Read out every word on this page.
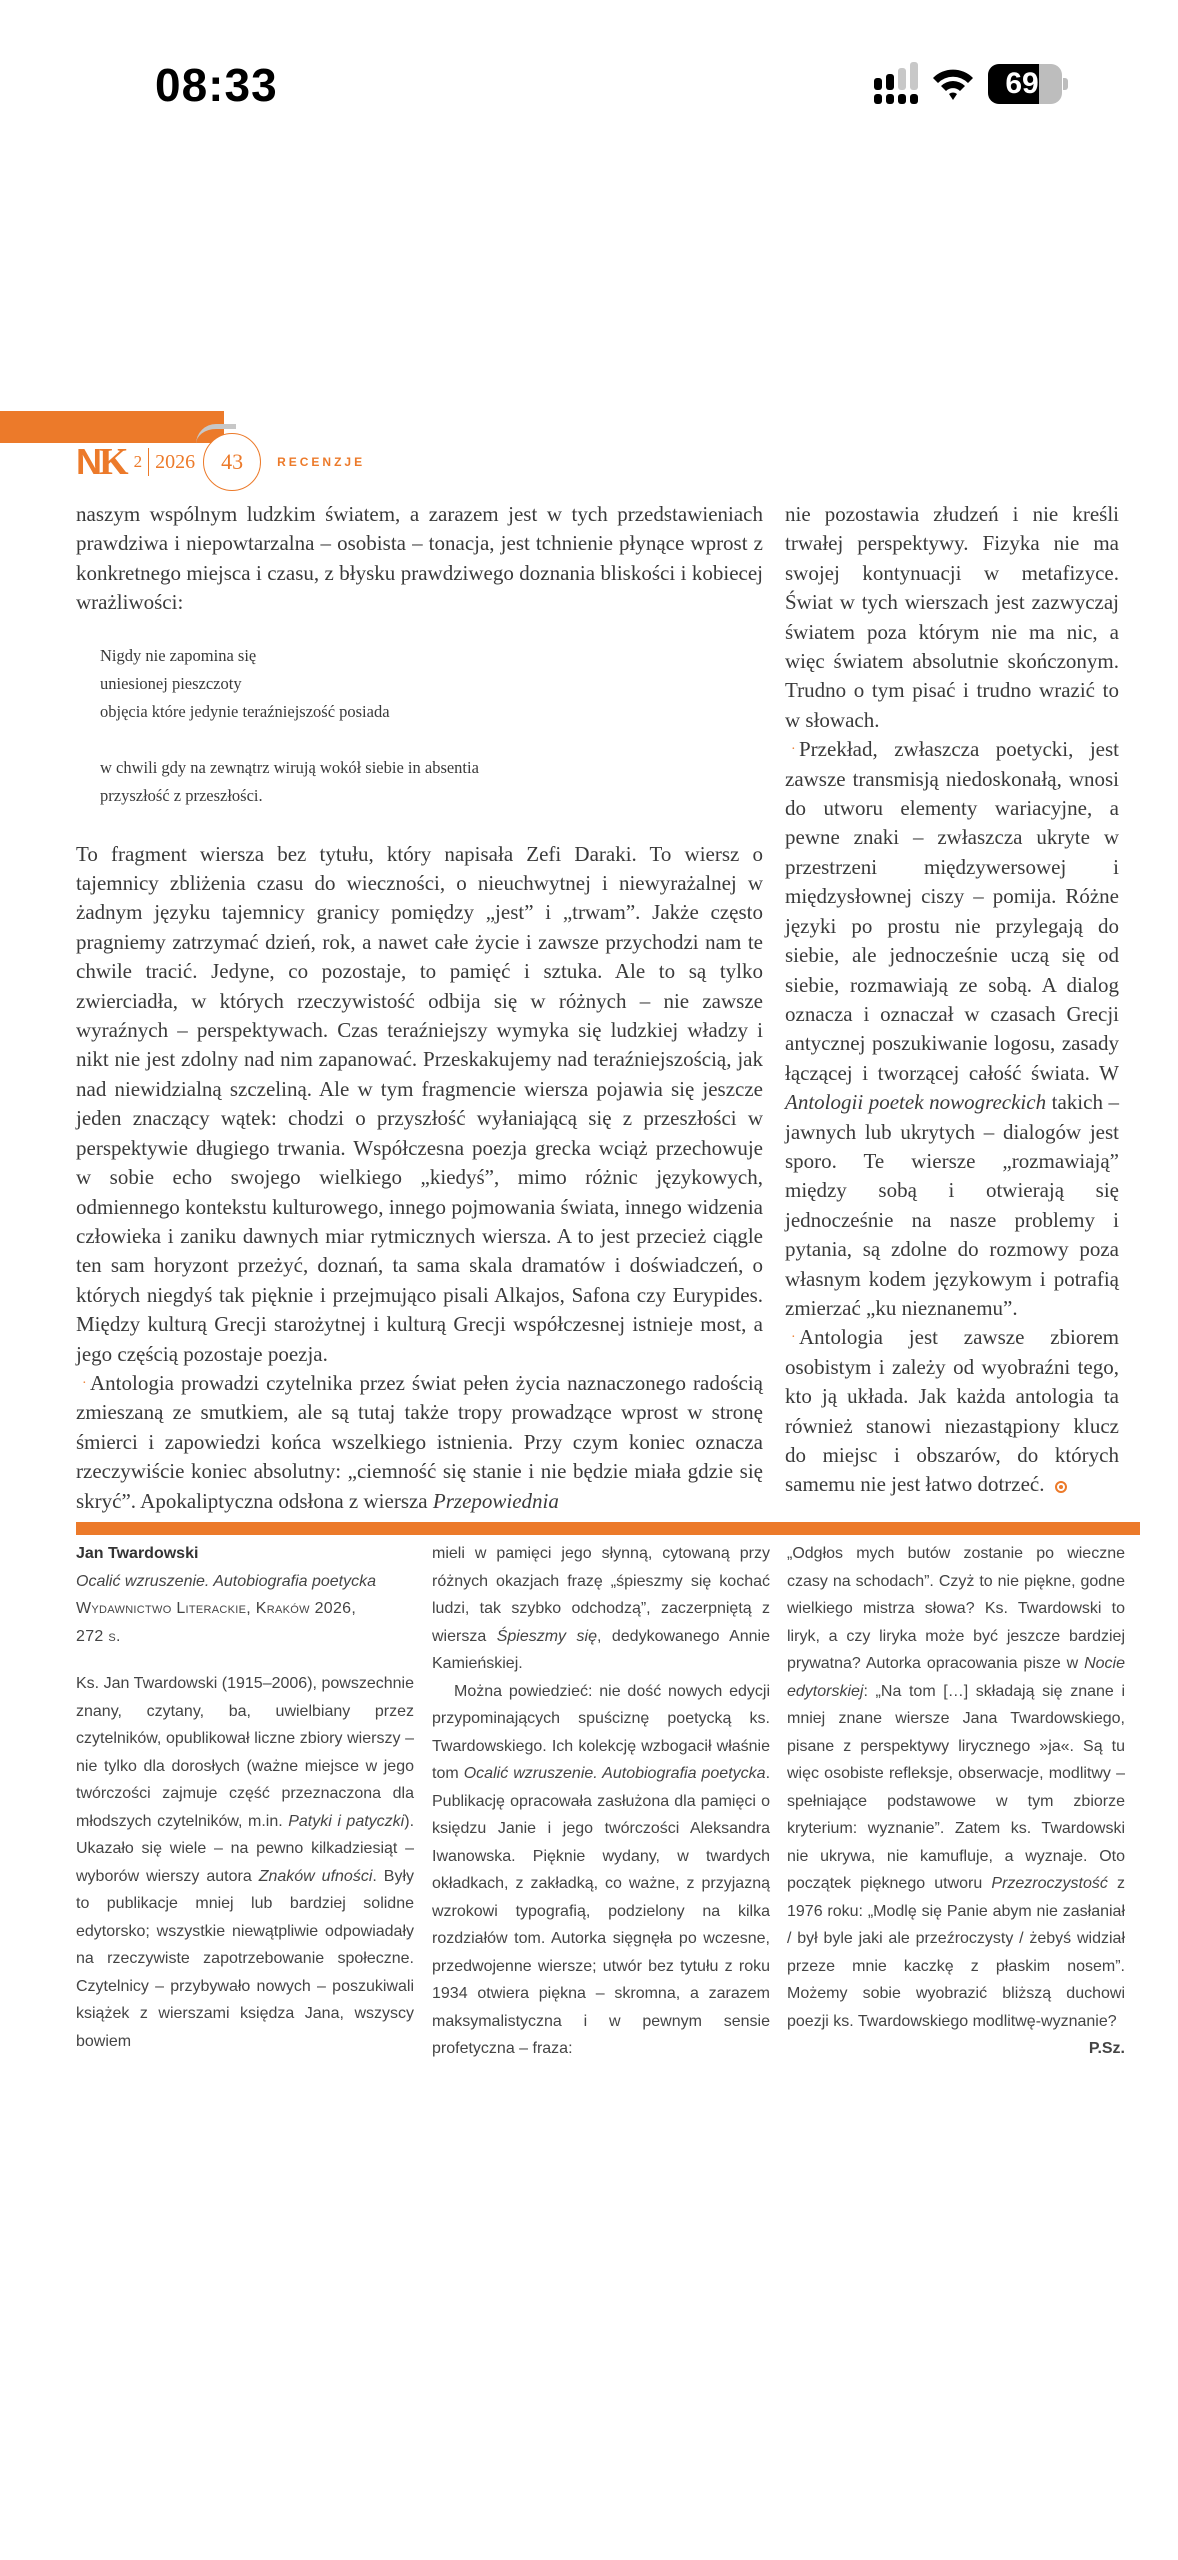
08:33	69
NK 2 2026	43	RECENZJE

naszym wspólnym ludzkim światem, a zarazem jest w tych przedstawieniach prawdziwa i niepowtarzalna – osobista – tonacja, jest tchnienie płynące wprost z konkretnego miejsca i czasu, z błysku prawdziwego doznania bliskości i kobiecej wrażliwości:

Nigdy nie zapomina się
uniesionej pieszczoty
objęcia które jedynie teraźniejszość posiada
w chwili gdy na zewnątrz wirują wokół siebie in absentia
przyszłość z przeszłości.

To fragment wiersza bez tytułu, który napisała Zefi Daraki. To wiersz o tajemnicy zbliżenia czasu do wieczności, o nieuchwytnej i niewyrażalnej w żadnym języku tajemnicy granicy pomiędzy „jest” i „trwam”. Jakże często pragniemy zatrzymać dzień, rok, a nawet całe życie i zawsze przychodzi nam te chwile tracić. Jedyne, co pozostaje, to pamięć i sztuka. Ale to są tylko zwierciadła, w których rzeczywistość odbija się w różnych – nie zawsze wyraźnych – perspektywach. Czas teraźniejszy wymyka się ludzkiej władzy i nikt nie jest zdolny nad nim zapanować. Przeskakujemy nad teraźniejszością, jak nad niewidzialną szczeliną. Ale w tym fragmencie wiersza pojawia się jeszcze jeden znaczący wątek: chodzi o przyszłość wyłaniającą się z przeszłości w perspektywie długiego trwania. Współczesna poezja grecka wciąż przechowuje w sobie echo swojego wielkiego „kiedyś”, mimo różnic językowych, odmiennego kontekstu kulturowego, innego pojmowania świata, innego widzenia człowieka i zaniku dawnych miar rytmicznych wiersza. A to jest przecież ciągle ten sam horyzont przeżyć, doznań, ta sama skala dramatów i doświadczeń, o których niegdyś tak pięknie i przejmująco pisali Alkajos, Safona czy Eurypides. Między kulturą Grecji starożytnej i kulturą Grecji współczesnej istnieje most, a jego częścią pozostaje poezja.

· Antologia prowadzi czytelnika przez świat pełen życia naznaczonego radością zmieszaną ze smutkiem, ale są tutaj także tropy prowadzące wprost w stronę śmierci i zapowiedzi końca wszelkiego istnienia. Przy czym koniec oznacza rzeczywiście koniec absolutny: „ciemność się stanie i nie będzie miała gdzie się skryć”. Apokaliptyczna odsłona z wiersza Przepowiednia

nie pozostawia złudzeń i nie kreśli trwałej perspektywy. Fizyka nie ma swojej kontynuacji w metafizyce. Świat w tych wierszach jest zazwyczaj światem poza którym nie ma nic, a więc światem absolutnie skończonym. Trudno o tym pisać i trudno wrazić to w słowach.

· Przekład, zwłaszcza poetycki, jest zawsze transmisją niedoskonałą, wnosi do utworu elementy wariacyjne, a pewne znaki – zwłaszcza ukryte w przestrzeni międzywersowej i międzysłownej ciszy – pomija. Różne języki po prostu nie przylegają do siebie, ale jednocześnie uczą się od siebie, rozmawiają ze sobą. A dialog oznacza i oznaczał w czasach Grecji antycznej poszukiwanie logosu, zasady łączącej i tworzącej całość świata. W Antologii poetek nowogreckich takich – jawnych lub ukrytych – dialogów jest sporo. Te wiersze „rozmawiają” między sobą i otwierają się jednocześnie na nasze problemy i pytania, są zdolne do rozmowy poza własnym kodem językowym i potrafią zmierzać „ku nieznanemu”.

· Antologia jest zawsze zbiorem osobistym i zależy od wyobraźni tego, kto ją układa. Jak każda antologia ta również stanowi niezastąpiony klucz do miejsc i obszarów, do których samemu nie jest łatwo dotrzeć.

Jan Twardowski
Ocalić wzruszenie. Autobiografia poetycka
Wydawnictwo Literackie, Kraków 2026,
272 s.

Ks. Jan Twardowski (1915–2006), powszechnie znany, czytany, ba, uwielbiany przez czytelników, opublikował liczne zbiory wierszy – nie tylko dla dorosłych (ważne miejsce w jego twórczości zajmuje część przeznaczona dla młodszych czytelników, m.in. Patyki i patyczki). Ukazało się wiele – na pewno kilkadziesiąt – wyborów wierszy autora Znaków ufności. Były to publikacje mniej lub bardziej solidne edytorsko; wszystkie niewątpliwie odpowiadały na rzeczywiste zapotrzebowanie społeczne. Czytelnicy – przybywało nowych – poszukiwali książek z wierszami księdza Jana, wszyscy bowiem

mieli w pamięci jego słynną, cytowaną przy różnych okazjach frazę „śpieszmy się kochać ludzi, tak szybko odchodzą”, zaczerpniętą z wiersza Śpieszmy się, dedykowanego Annie Kamieńskiej.

Można powiedzieć: nie dość nowych edycji przypominających spuściznę poetycką ks. Twardowskiego. Ich kolekcję wzbogacił właśnie tom Ocalić wzruszenie. Autobiografia poetycka. Publikację opracowała zasłużona dla pamięci o księdzu Janie i jego twórczości Aleksandra Iwanowska. Pięknie wydany, w twardych okładkach, z zakładką, co ważne, z przyjazną wzrokowi typografią, podzielony na kilka rozdziałów tom. Autorka sięgnęła po wczesne, przedwojenne wiersze; utwór bez tytułu z roku 1934 otwiera piękna – skromna, a zarazem maksymalistyczna i w pewnym sensie profetyczna – fraza:

„Odgłos mych butów zostanie po wieczne czasy na schodach”. Czyż to nie piękne, godne wielkiego mistrza słowa? Ks. Twardowski to liryk, a czy liryka może być jeszcze bardziej prywatna? Autorka opracowania pisze w Nocie edytorskiej: „Na tom […] składają się znane i mniej znane wiersze Jana Twardowskiego, pisane z perspektywy lirycznego »ja«. Są tu więc osobiste refleksje, obserwacje, modlitwy – spełniające podstawowe w tym zbiorze kryterium: wyznanie”. Zatem ks. Twardowski nie ukrywa, nie kamufluje, a wyznaje. Oto początek pięknego utworu Przezroczystość z 1976 roku: „Modlę się Panie abym nie zasłaniał / był byle jaki ale przeźroczysty / żebyś widział przeze mnie kaczkę z płaskim nosem”. Możemy sobie wyobrazić bliższą duchowi poezji ks. Twardowskiego modlitwę-wyznanie?
P.Sz.
